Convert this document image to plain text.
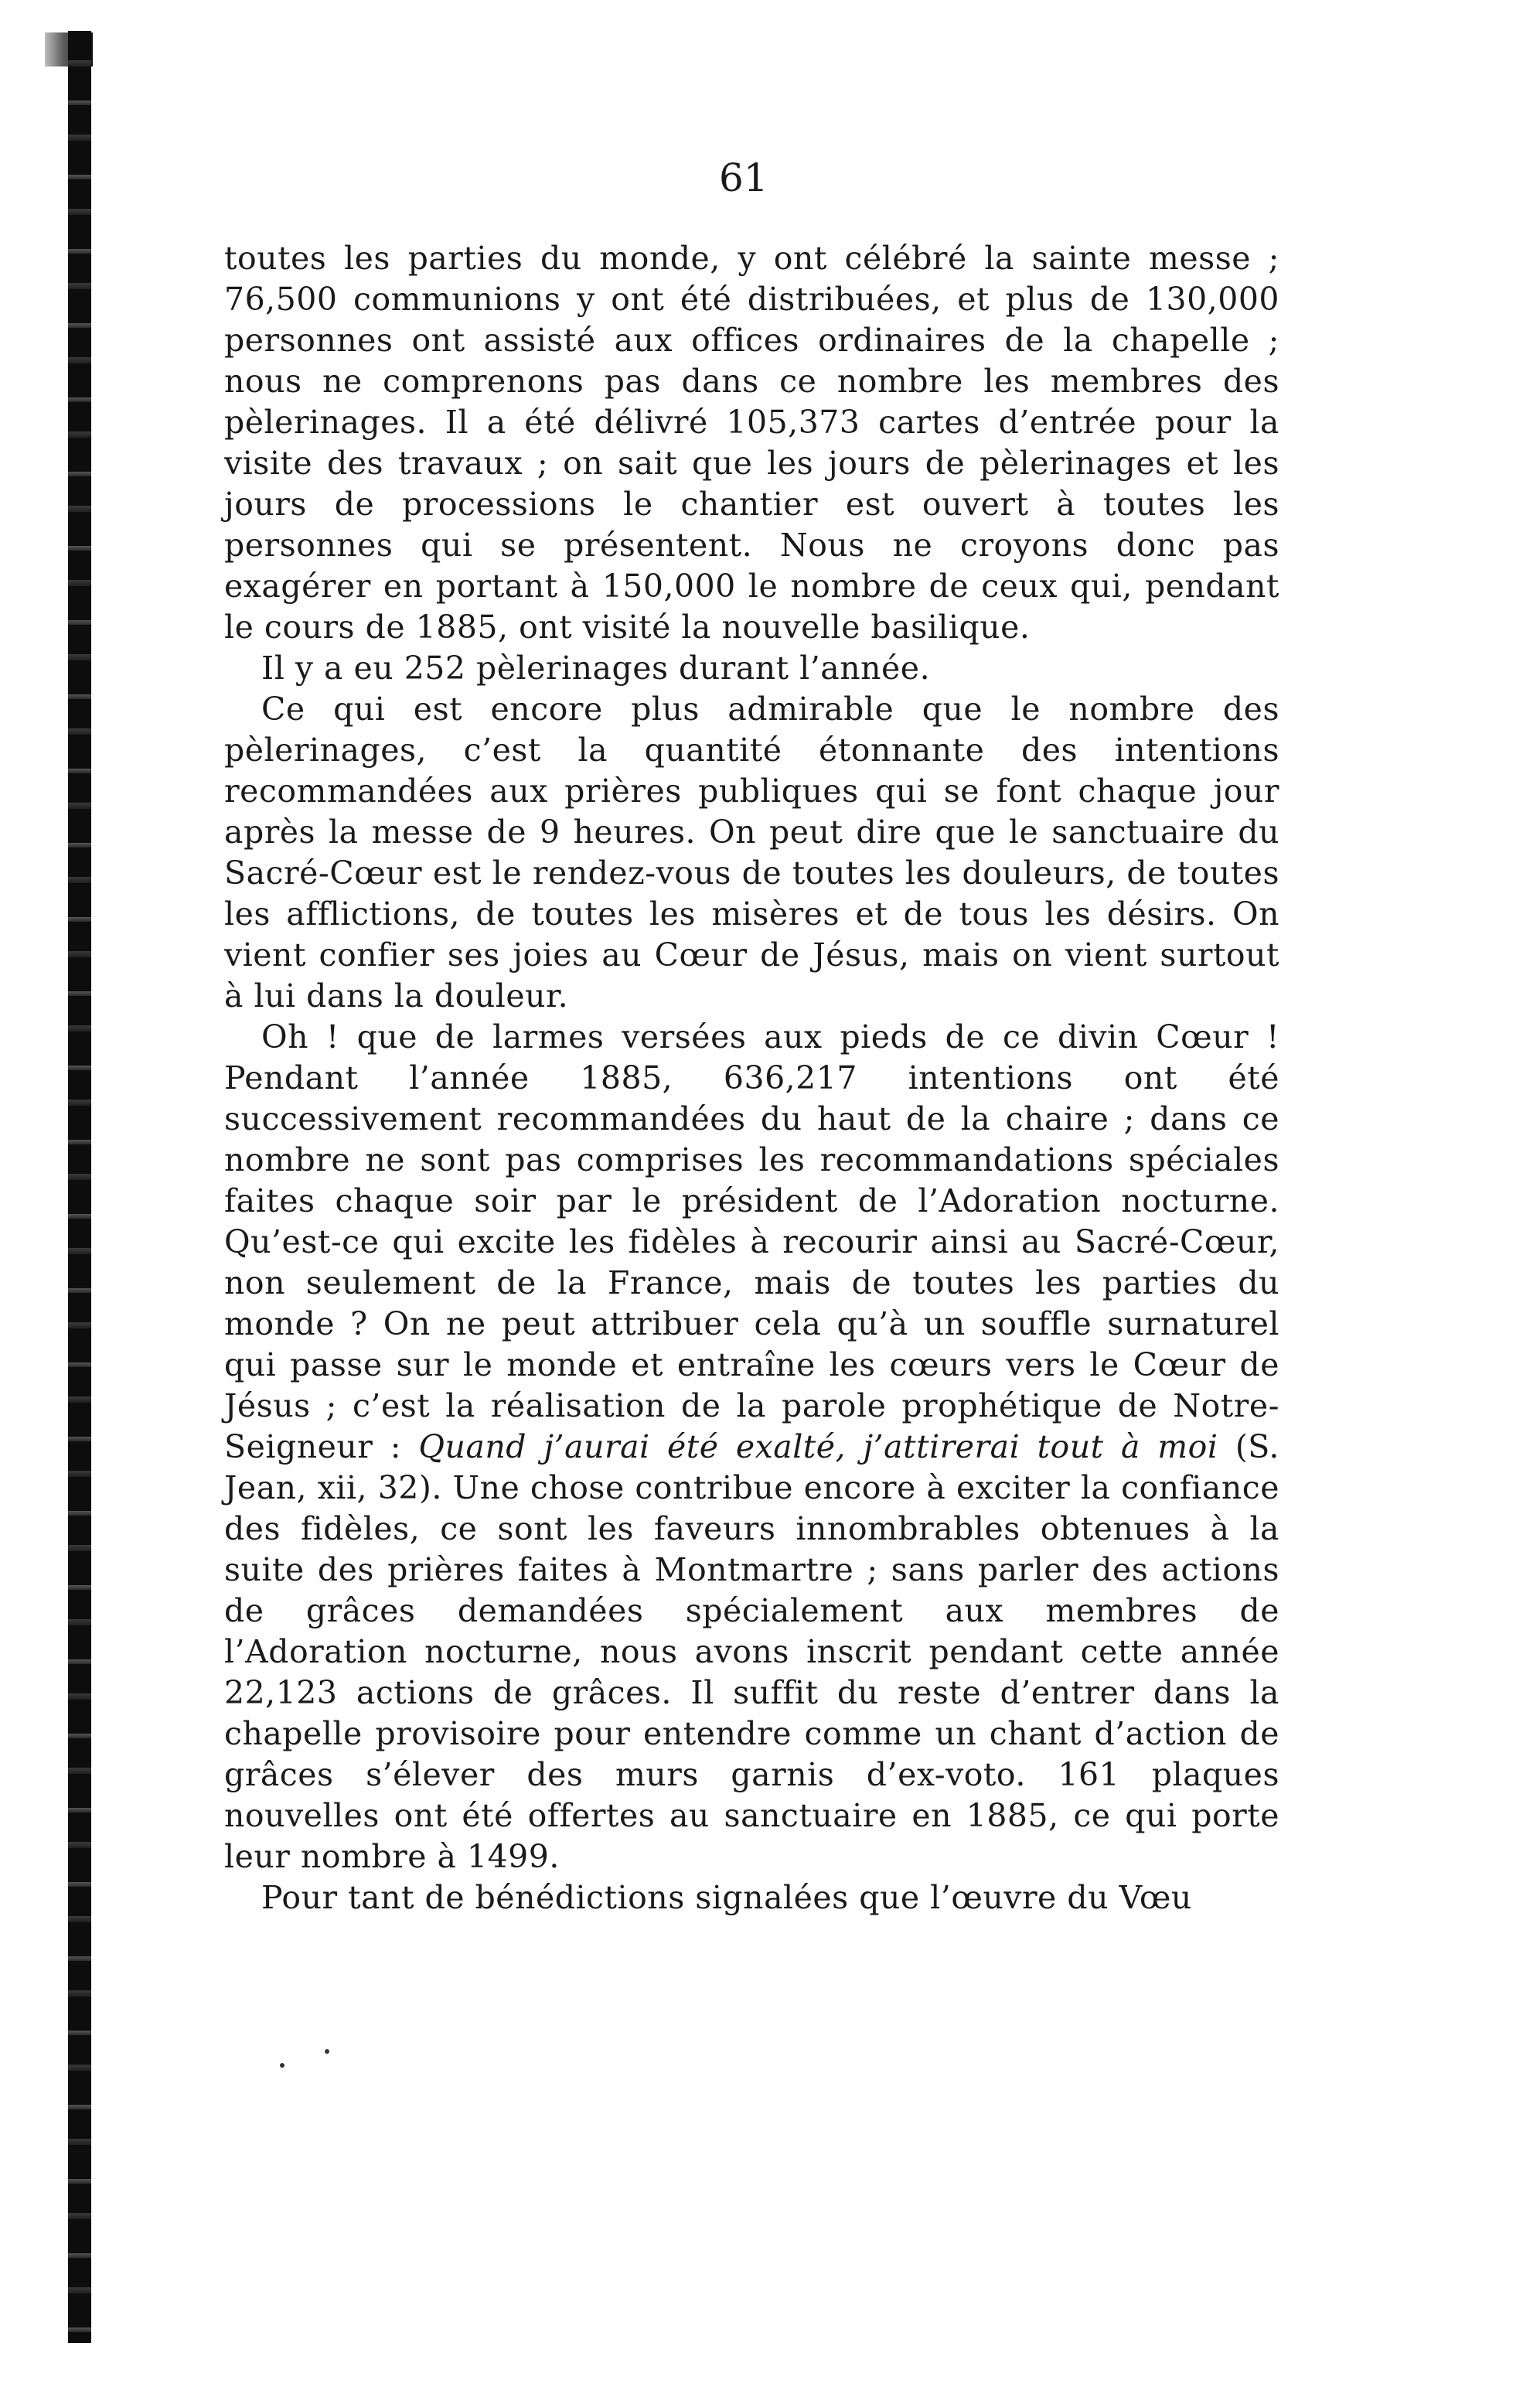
61

toutes les parties du monde, y ont célébré la sainte messe ; 76,500 communions y ont été distribuées, et plus de 130,000 personnes ont assisté aux offices ordinaires de la chapelle ; nous ne comprenons pas dans ce nombre les membres des pèlerinages. Il a été délivré 105,373 cartes d’entrée pour la visite des travaux ; on sait que les jours de pèlerinages et les jours de processions le chantier est ouvert à toutes les personnes qui se présentent. Nous ne croyons donc pas exagérer en portant à 150,000 le nombre de ceux qui, pendant le cours de 1885, ont visité la nouvelle basilique.

Il y a eu 252 pèlerinages durant l’année.

Ce qui est encore plus admirable que le nombre des pèlerinages, c’est la quantité étonnante des intentions recommandées aux prières publiques qui se font chaque jour après la messe de 9 heures. On peut dire que le sanctuaire du Sacré-Cœur est le rendez-vous de toutes les douleurs, de toutes les afflictions, de toutes les misères et de tous les désirs. On vient confier ses joies au Cœur de Jésus, mais on vient surtout à lui dans la douleur.

Oh ! que de larmes versées aux pieds de ce divin Cœur ! Pendant l’année 1885, 636,217 intentions ont été successivement recommandées du haut de la chaire ; dans ce nombre ne sont pas comprises les recommandations spéciales faites chaque soir par le président de l’Adoration nocturne. Qu’est-ce qui excite les fidèles à recourir ainsi au Sacré-Cœur, non seulement de la France, mais de toutes les parties du monde ? On ne peut attribuer cela qu’à un souffle surnaturel qui passe sur le monde et entraîne les cœurs vers le Cœur de Jésus ; c’est la réalisation de la parole prophétique de Notre-Seigneur : Quand j’aurai été exalté, j’attirerai tout à moi (S. Jean, xii, 32). Une chose contribue encore à exciter la confiance des fidèles, ce sont les faveurs innombrables obtenues à la suite des prières faites à Montmartre ; sans parler des actions de grâces demandées spécialement aux membres de l’Adoration nocturne, nous avons inscrit pendant cette année 22,123 actions de grâces. Il suffit du reste d’entrer dans la chapelle provisoire pour entendre comme un chant d’action de grâces s’élever des murs garnis d’ex-voto. 161 plaques nouvelles ont été offertes au sanctuaire en 1885, ce qui porte leur nombre à 1499.

Pour tant de bénédictions signalées que l’œuvre du Vœu
